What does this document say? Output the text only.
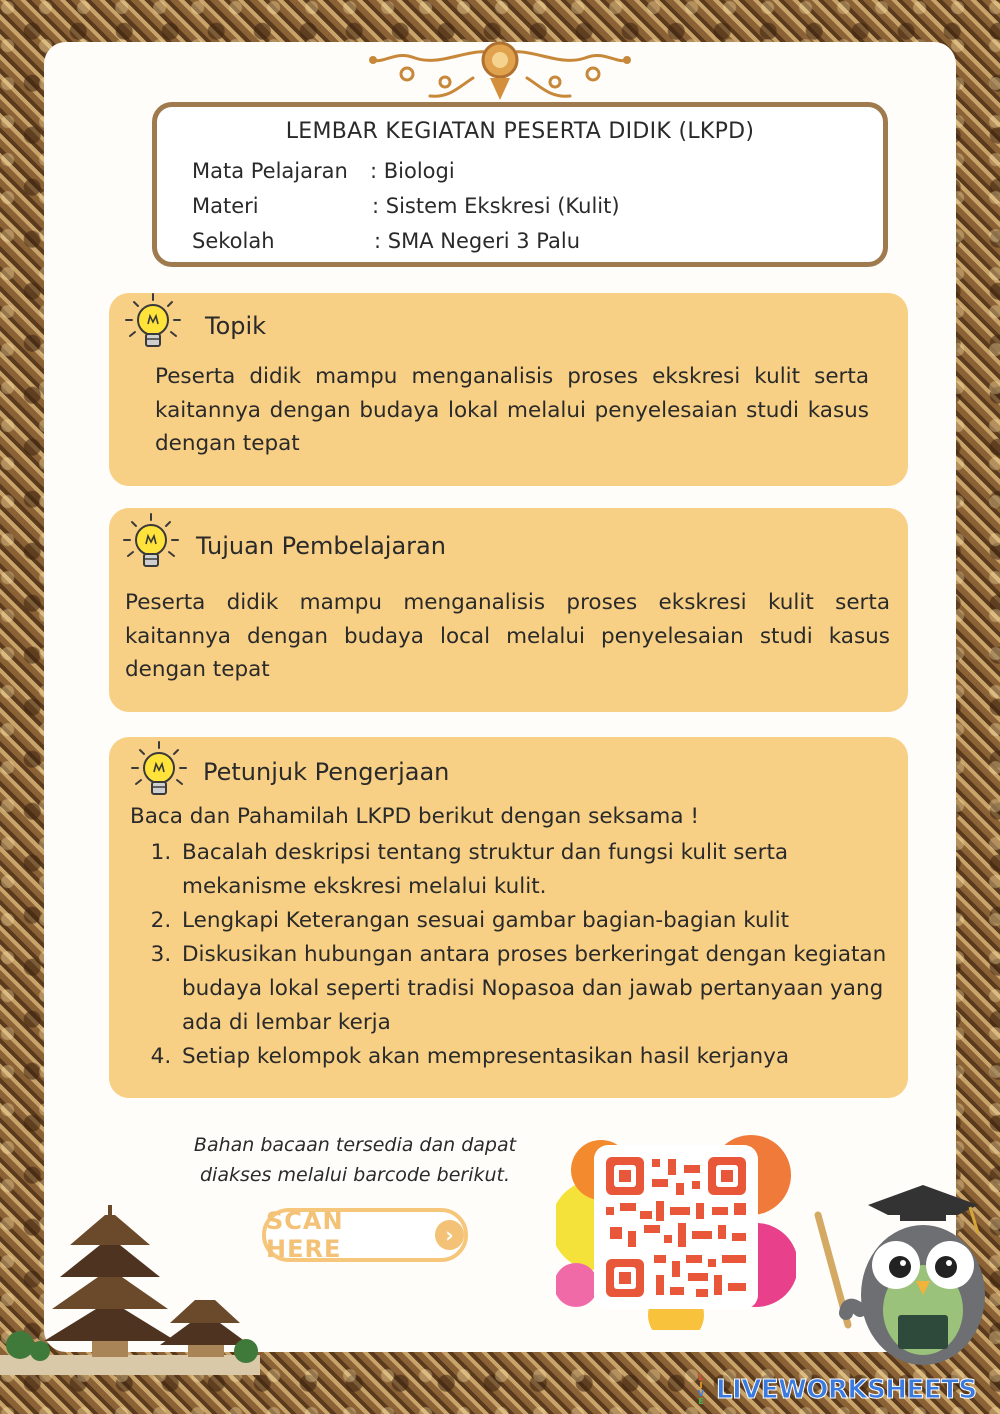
LEMBAR KEGIATAN PESERTA DIDIK (LKPD)
Mata Pelajaran : Biologi
Materi	: Sistem Ekskresi (Kulit)
Sekolah	: SMA Negeri 3 Palu
Topik
Peserta didik mampu menganalisis proses ekskresi kulit serta kaitannya dengan budaya lokal melalui penyelesaian studi kasus dengan tepat
Tujuan Pembelajaran
Peserta didik mampu menganalisis proses ekskresi kulit serta kaitannya dengan budaya local melalui penyelesaian studi kasus dengan tepat
Petunjuk Pengerjaan

Baca dan Pahamilah LKPD berikut dengan seksama !

1. Bacalah deskripsi tentang struktur dan fungsi kulit serta mekanisme ekskresi melalui kulit.
2. Lengkapi Keterangan sesuai gambar bagian-bagian kulit
3. Diskusikan hubungan antara proses berkeringat dengan kegiatan budaya lokal seperti tradisi Nopasoa dan jawab pertanyaan yang ada di lembar kerja
4. Setiap kelompok akan mempresentasikan hasil kerjanya
Bahan bacaan tersedia dan dapat
diakses melalui barcode berikut.
SCAN HERE	›
L
I
V
E LIVEWORKSHEETS
